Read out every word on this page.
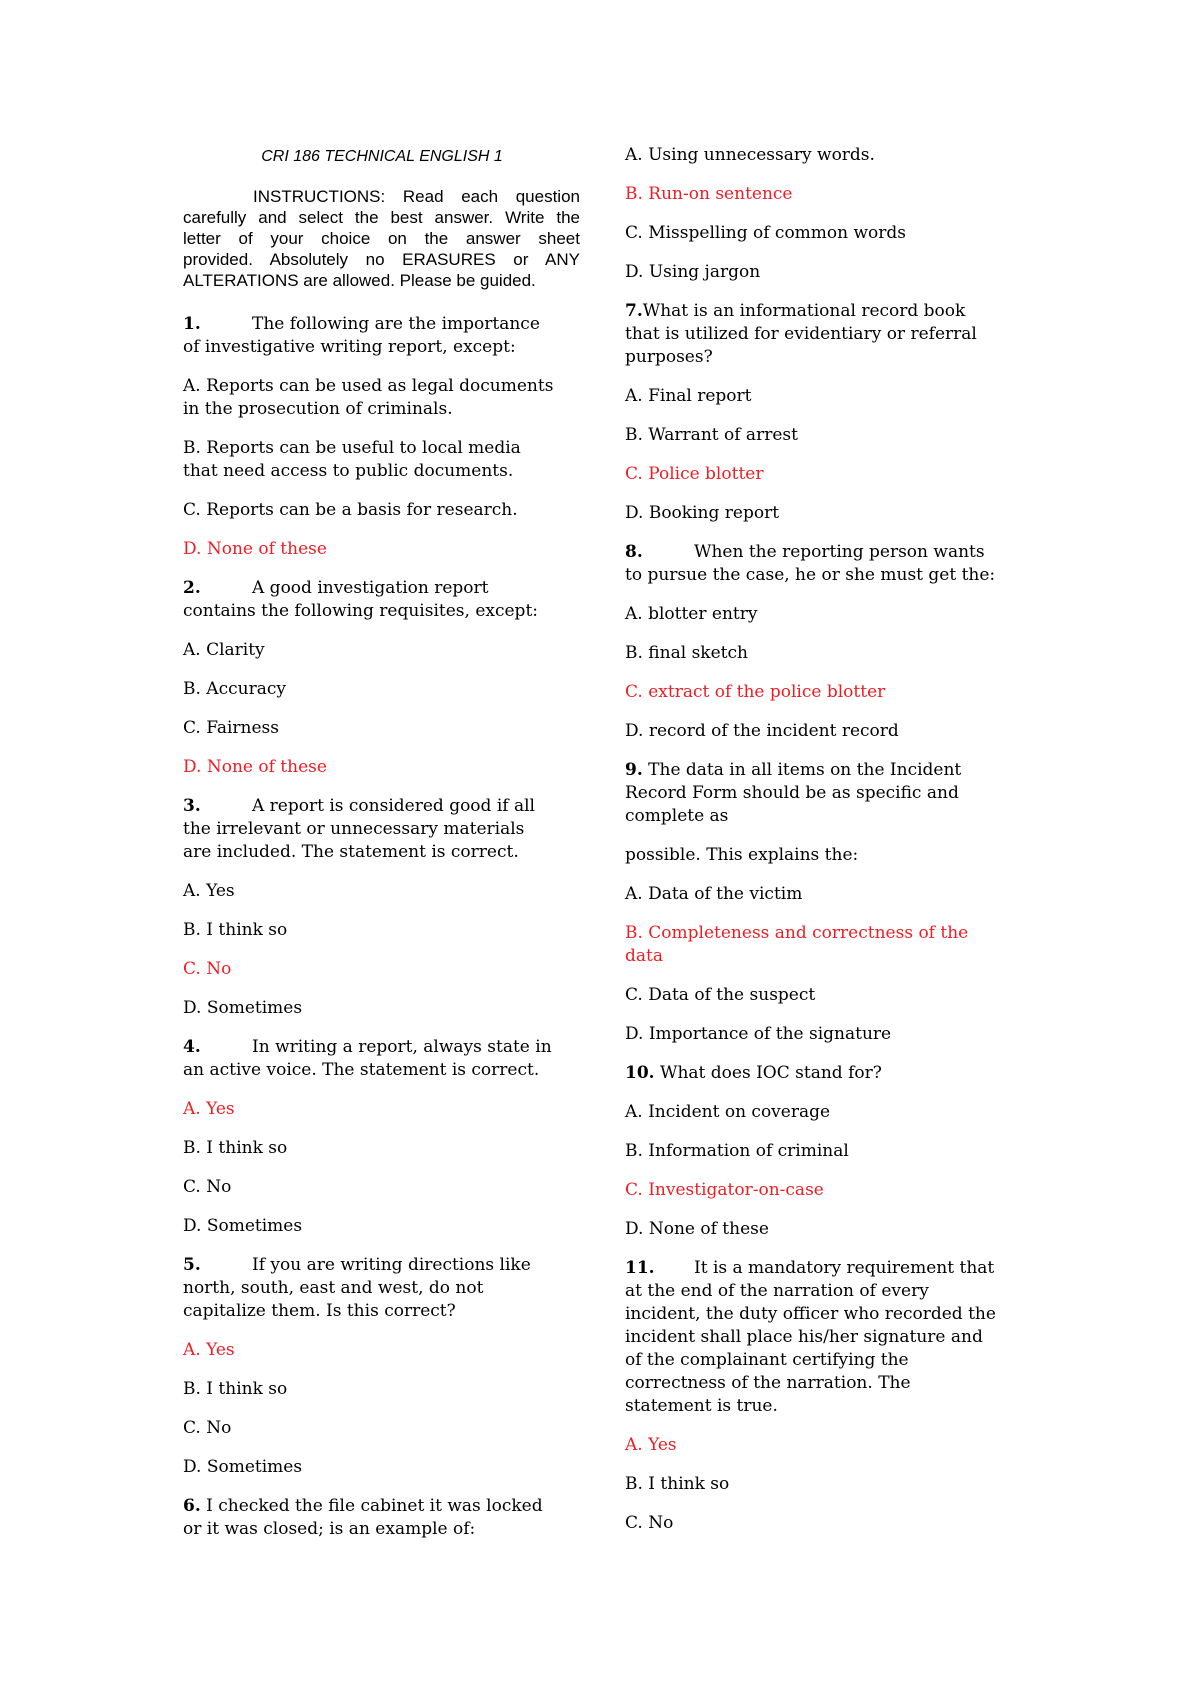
CRI 186 TECHNICAL ENGLISH 1
INSTRUCTIONS: Read each question
carefully and select the best answer. Write the
letter of your choice on the answer sheet
provided. Absolutely no ERASURES or ANY
ALTERATIONS are allowed. Please be guided.
1.	The following are the importance
of investigative writing report, except:
A. Reports can be used as legal documents
in the prosecution of criminals.
B. Reports can be useful to local media
that need access to public documents.
C. Reports can be a basis for research.
D. None of these
2.	A good investigation report
contains the following requisites, except:
A. Clarity
B. Accuracy
C. Fairness
D. None of these
3.	A report is considered good if all
the irrelevant or unnecessary materials
are included. The statement is correct.
A. Yes
B. I think so
C. No
D. Sometimes
4.	In writing a report, always state in
an active voice. The statement is correct.
A. Yes
B. I think so
C. No
D. Sometimes
5.	If you are writing directions like
north, south, east and west, do not
capitalize them. Is this correct?
A. Yes
B. I think so
C. No
D. Sometimes
6. I checked the file cabinet it was locked
or it was closed; is an example of:
A. Using unnecessary words.
B. Run-on sentence
C. Misspelling of common words
D. Using jargon
7.What is an informational record book
that is utilized for evidentiary or referral
purposes?
A. Final report
B. Warrant of arrest
C. Police blotter
D. Booking report
8.	When the reporting person wants
to pursue the case, he or she must get the:
A. blotter entry
B. final sketch
C. extract of the police blotter
D. record of the incident record
9. The data in all items on the Incident
Record Form should be as specific and
complete as
possible. This explains the:
A. Data of the victim
B. Completeness and correctness of the
data
C. Data of the suspect
D. Importance of the signature
10. What does IOC stand for?
A. Incident on coverage
B. Information of criminal
C. Investigator-on-case
D. None of these
11. It is a mandatory requirement that
at the end of the narration of every
incident, the duty officer who recorded the
incident shall place his/her signature and
of the complainant certifying the
correctness of the narration. The
statement is true.
A. Yes
B. I think so
C. No
